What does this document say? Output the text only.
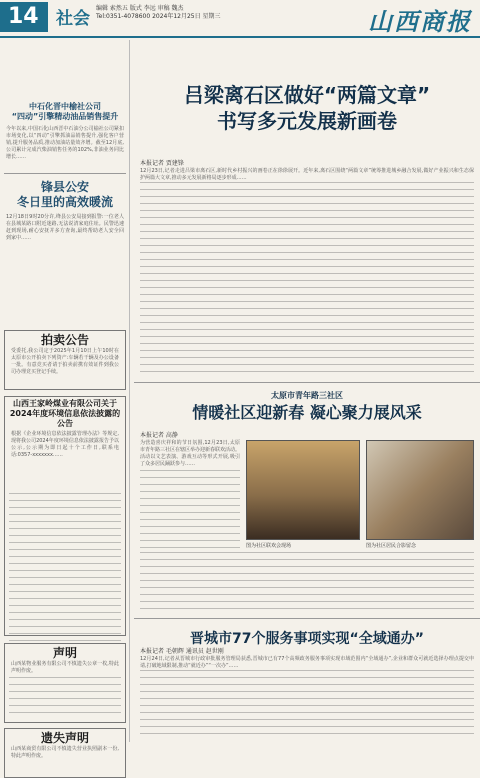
14	社会
编辑 索然五 版式 李远 审稿 魏杰
Tel:0351-4078600 2024年12月25日 星期三	山西商报
中石化晋中榆社公司
“四动”引擎精动油品销售提升
今年以来,中国石化山西晋中石油分公司榆社公司紧扣市场变化,以“四动”引擎抓油品销售提升,强化客户营销,提升服务品质,推动加油站量效齐增。截至12月底,公司累计完成汽柴油销售任务的102%,非油业务同比增长……
锋县公安
冬日里的高效暖流
12月18日9时20分许,绛县公安局接到报警:一位老人在县城某路口附近迷路,无法说清家庭住址。民警迅速赶到现场,耐心安抚并多方查询,最终帮助老人安全回到家中……
拍卖公告
受委托,我公司定于2025年1月10日上午10时在太原市公开拍卖下列资产:车辆若干辆及办公设备一批。有意竞买者请于拍卖前携有效证件到我公司办理竞买登记手续。
山西王家岭煤业有限公司关于2024年度环境信息依法披露的公告
根据《企业环境信息依法披露管理办法》等规定,现将我公司2024年度环境信息依法披露报告予以公示,公示期为即日起十个工作日,联系电话:0357-xxxxxxx……
声明
山西某物业服务有限公司不慎遗失公章一枚,特此声明作废。
遗失声明
山西某商贸有限公司不慎遗失营业执照副本一份,特此声明作废。
吕梁离石区做好“两篇文章”
书写多元发展新画卷
本报记者 贾建锋
12月23日,记者走进吕梁市离石区,新时代乡村振兴的画卷正在徐徐展开。近年来,离石区围绕“两篇文章”统筹推进城乡融合发展,做好产业振兴和生态保护两篇大文章,推动多元发展新格局逐步形成……
太原市青年路三社区
情暖社区迎新春 凝心聚力展风采
本报记者 高静
为营造喜庆祥和的节日氛围,12月23日,太原市青年路三社区在辖区举办迎新春联欢活动。活动以文艺表演、游戏互动等形式开展,吸引了众多居民踊跃参与……
图为社区联欢会现场	图为社区居民合影留念
晋城市77个服务事项实现“全域通办”
本报记者 毛朝辉 通讯员 赵世刚
12月24日,记者从晋城市行政审批服务管理局获悉,晋城市已有77个高频政务服务事项实现市域范围内“全域通办”,企业和群众可就近选择办理点提交申请,打破地域限制,推动“就近办”“一次办”……
